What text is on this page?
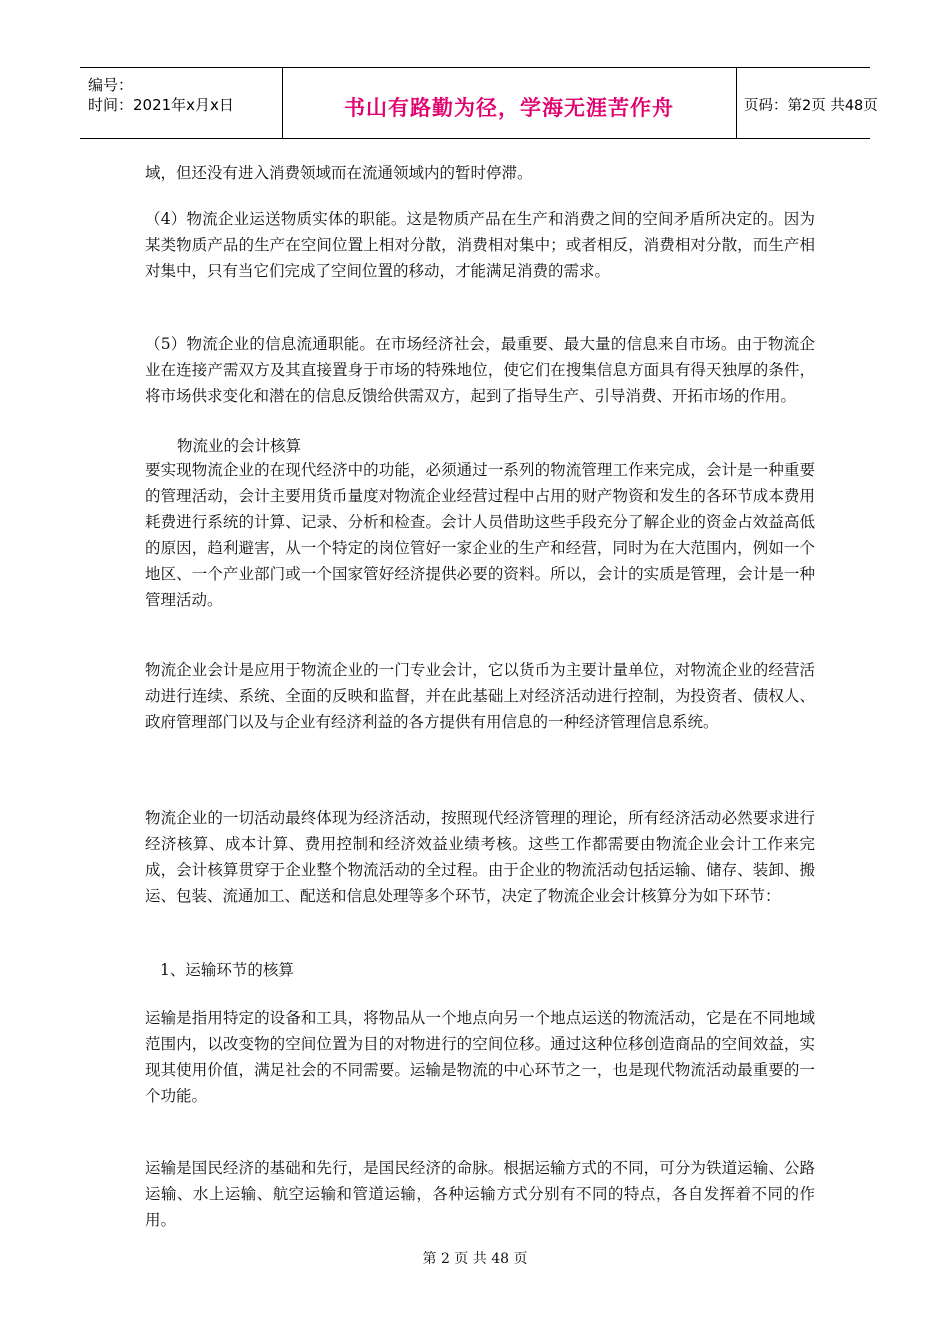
编号：
时间：2021年x月x日	书山有路勤为径，学海无涯苦作舟	页码：第2页 共48页

域，但还没有进入消费领域而在流通领域内的暂时停滞。

（4）物流企业运送物质实体的职能。这是物质产品在生产和消费之间的空间矛盾所决定的。因为某类物质产品的生产在空间位置上相对分散，消费相对集中；或者相反，消费相对分散，而生产相对集中，只有当它们完成了空间位置的移动，才能满足消费的需求。

（5）物流企业的信息流通职能。在市场经济社会，最重要、最大量的信息来自市场。由于物流企业在连接产需双方及其直接置身于市场的特殊地位，使它们在搜集信息方面具有得天独厚的条件，将市场供求变化和潜在的信息反馈给供需双方，起到了指导生产、引导消费、开拓市场的作用。

物流业的会计核算

要实现物流企业的在现代经济中的功能，必须通过一系列的物流管理工作来完成，会计是一种重要的管理活动，会计主要用货币量度对物流企业经营过程中占用的财产物资和发生的各环节成本费用耗费进行系统的计算、记录、分析和检查。会计人员借助这些手段充分了解企业的资金占效益高低的原因，趋利避害，从一个特定的岗位管好一家企业的生产和经营，同时为在大范围内，例如一个地区、一个产业部门或一个国家管好经济提供必要的资料。所以，会计的实质是管理，会计是一种管理活动。

物流企业会计是应用于物流企业的一门专业会计，它以货币为主要计量单位，对物流企业的经营活动进行连续、系统、全面的反映和监督，并在此基础上对经济活动进行控制，为投资者、债权人、政府管理部门以及与企业有经济利益的各方提供有用信息的一种经济管理信息系统。

物流企业的一切活动最终体现为经济活动，按照现代经济管理的理论，所有经济活动必然要求进行经济核算、成本计算、费用控制和经济效益业绩考核。这些工作都需要由物流企业会计工作来完成，会计核算贯穿于企业整个物流活动的全过程。由于企业的物流活动包括运输、储存、装卸、搬运、包装、流通加工、配送和信息处理等多个环节，决定了物流企业会计核算分为如下环节：

1、运输环节的核算

运输是指用特定的设备和工具，将物品从一个地点向另一个地点运送的物流活动，它是在不同地域范围内，以改变物的空间位置为目的对物进行的空间位移。通过这种位移创造商品的空间效益，实现其使用价值，满足社会的不同需要。运输是物流的中心环节之一，也是现代物流活动最重要的一个功能。

运输是国民经济的基础和先行，是国民经济的命脉。根据运输方式的不同，可分为铁道运输、公路运输、水上运输、航空运输和管道运输，各种运输方式分别有不同的特点，各自发挥着不同的作用。

第 2 页 共 48 页
